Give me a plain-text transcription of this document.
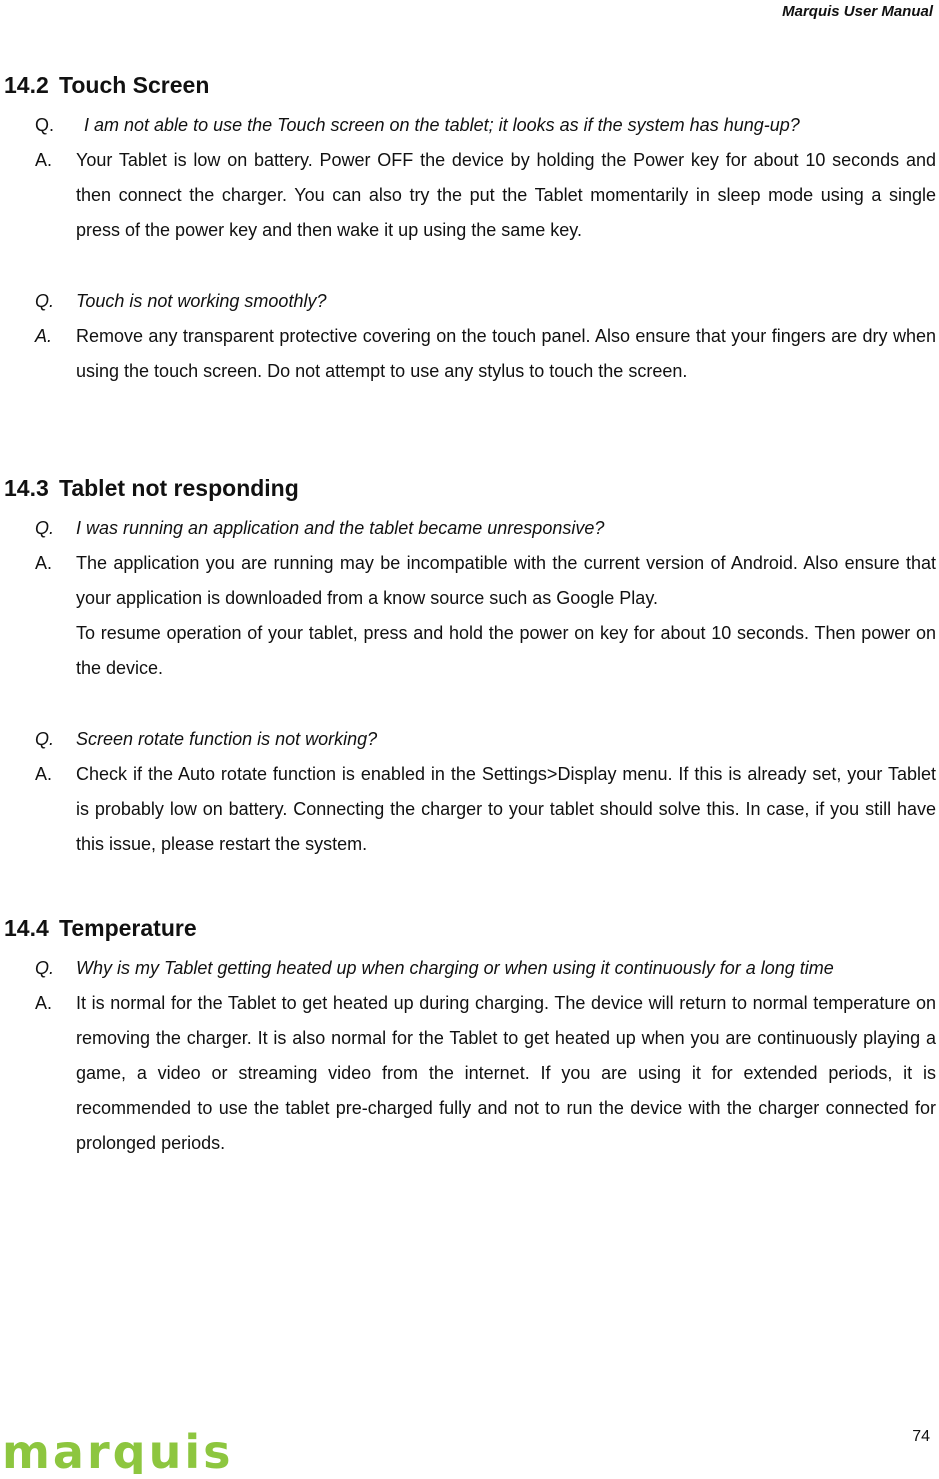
Marquis User Manual
14.2 Touch Screen
Q.	I am not able to use the Touch screen on the tablet; it looks as if the system has hung-up?
A. Your Tablet is low on battery. Power OFF the device by holding the Power key for about 10 seconds and then connect the charger. You can also try the put the Tablet momentarily in sleep mode using a single press of the power key and then wake it up using the same key.
Q. Touch is not working smoothly?
A. Remove any transparent protective covering on the touch panel. Also ensure that your fingers are dry when using the touch screen. Do not attempt to use any stylus to touch the screen.
14.3 Tablet not responding
Q. I was running an application and the tablet became unresponsive?
A. The application you are running may be incompatible with the current version of Android. Also ensure that your application is downloaded from a know source such as Google Play.
To resume operation of your tablet, press and hold the power on key for about 10 seconds. Then power on the device.
Q. Screen rotate function is not working?
A. Check if the Auto rotate function is enabled in the Settings>Display menu. If this is already set, your Tablet is probably low on battery. Connecting the charger to your tablet should solve this. In case, if you still have this issue, please restart the system.
14.4 Temperature
Q. Why is my Tablet getting heated up when charging or when using it continuously for a long time
A. It is normal for the Tablet to get heated up during charging. The device will return to normal temperature on removing the charger. It is also normal for the Tablet to get heated up when you are continuously playing a game, a video or streaming video from the internet. If you are using it for extended periods, it is recommended to use the tablet pre-charged fully and not to run the device with the charger connected for prolonged periods.
marquis	74
